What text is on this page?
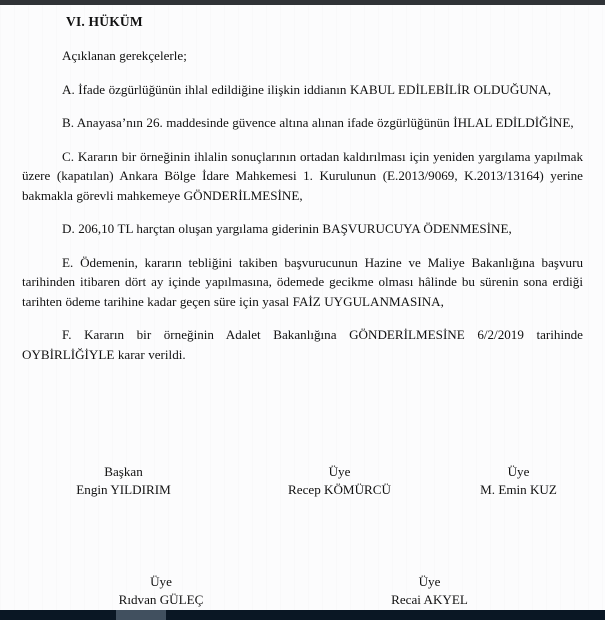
VI. HÜKÜM

Açıklanan gerekçelerle;

A. İfade özgürlüğünün ihlal edildiğine ilişkin iddianın KABUL EDİLEBİLİR OLDUĞUNA,

B. Anayasa’nın 26. maddesinde güvence altına alınan ifade özgürlüğünün İHLAL EDİLDİĞİNE,

C. Kararın bir örneğinin ihlalin sonuçlarının ortadan kaldırılması için yeniden yargılama yapılmak üzere (kapatılan) Ankara Bölge İdare Mahkemesi 1. Kurulunun (E.2013/9069, K.2013/13164) yerine bakmakla görevli mahkemeye GÖNDERİLMESİNE,

D. 206,10 TL harçtan oluşan yargılama giderinin BAŞVURUCUYA ÖDENMESİNE,

E. Ödemenin, kararın tebliğini takiben başvurucunun Hazine ve Maliye Bakanlığına başvuru tarihinden itibaren dört ay içinde yapılmasına, ödemede gecikme olması hâlinde bu sürenin sona erdiği tarihten ödeme tarihine kadar geçen süre için yasal FAİZ UYGULANMASINA,

F. Kararın bir örneğinin Adalet Bakanlığına GÖNDERİLMESİNE 6/2/2019 tarihinde OYBİRLİĞİYLE karar verildi.

Başkan
Engin YILDIRIM
Üye
Recep KÖMÜRCÜ
Üye
M. Emin KUZ
Üye
Rıdvan GÜLEÇ
Üye
Recai AKYEL
